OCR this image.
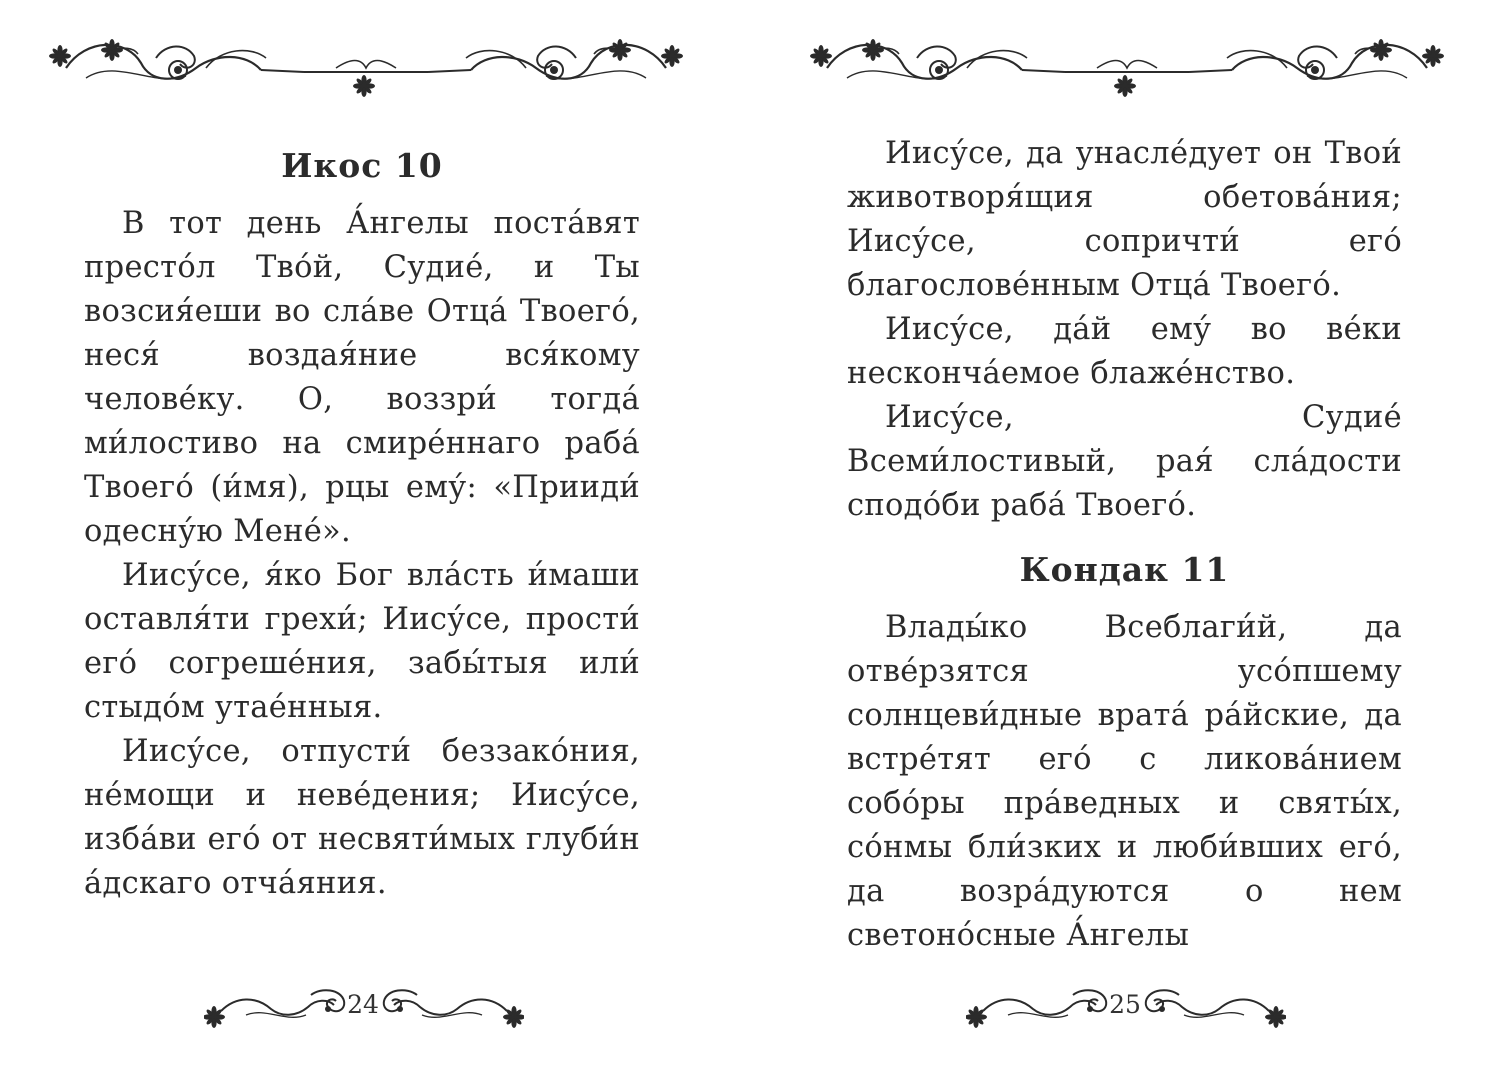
Икос 10

В тот день А́нгелы поста́вят престо́л Тво́й, Судие́, и Ты возсия́еши во сла́ве Отца́ Твоего́, неся́ воздая́ние вся́кому челове́ку. О, воззри́ тогда́ ми́лостиво на смире́ннаго раба́ Твоего́ (и́мя), рцы ему́: «Прииди́ одесну́ю Мене́».

Иису́се, я́ко Бог вла́сть и́маши оставля́ти грехи́; Иису́се, прости́ его́ согреше́ния, забы́тыя или́ стыдо́м утае́нныя.

Иису́се, отпусти́ беззако́ния, не́мощи и неве́дения; Иису́се, изба́ви его́ от несвяти́мых глуби́н а́дскаго отча́яния.

24

Иису́се, да унасле́дует он Твои́ животворя́щия обетова́ния; Иису́се, сопричти́ его́ благослове́нным Отца́ Твоего́.

Иису́се, да́й ему́ во ве́ки нескончáемое блаже́нство.

Иису́се, Судие́ Всеми́лостивый, рая́ сла́дости сподо́би раба́ Твоего́.

Кондак 11

Влады́ко Всеблаги́й, да отве́рзятся усо́пшему солнцеви́дные врата́ ра́йские, да встре́тят его́ с ликова́нием собо́ры пра́ведных и святы́х, со́нмы бли́зких и люби́вших его́, да возра́дуются о нем светоно́сные А́нгелы

25
